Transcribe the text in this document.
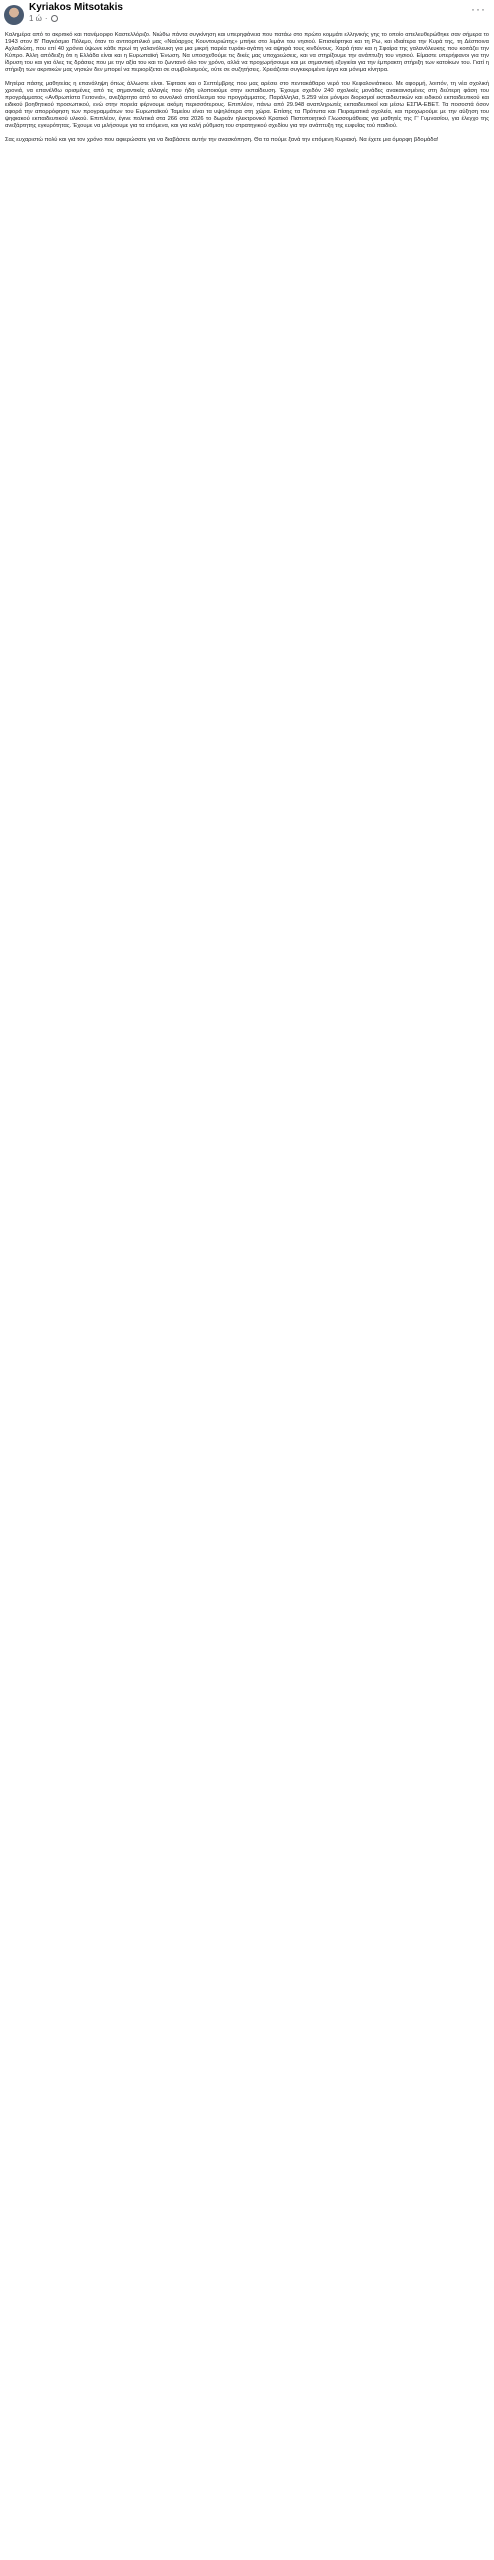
Kyriakos Mitsotakis
1 ώ ·
···

Καλημέρα από το ακριτικό και πανέμορφο Καστελλόριζο. Νιώθω πάντα συγκίνηση και υπερηφάνεια που πατάω στο πρώτο κομμάτι ελληνικής γης το οποίο απελευθερώθηκε σαν σήμερα το 1943 στον Β' Παγκόσμιο Πόλεμο, όταν το αντιτορπιλικό μας «Ναύαρχος Κουντουριώτης» μπήκε στο λιμάνι του νησιού. Επισκέφτηκα και τη Ρω, και ιδιαίτερα την Κυρά της, τη Δέσποινα Αχλαδιώτη, που επί 40 χρόνια ύψωνε κάθε πρωί τη γαλανόλευκη για μια μικρή παρέα τυράκι-αγάπη να αψηφά τους κινδύνους. Χαρά ήταν και η Σφαίρα της γαλανόλευκης που κοιτάζει την Κύπρο. Άλλη απόδειξη ότι η Ελλάδα είναι και η Ευρωπαϊκή Ένωση. Να υποσχεθούμε τις δικές μας υποχρεώσεις, και να στηρίξουμε την ανάπτυξη του νησιού. Είμαστε υπερήφανοι για την ίδρυση του και για όλες τις δράσεις που με την αξία του και το ζωντανό όλο τον χρόνο, αλλά να προχωρήσουμε και με σημαντική εξυγιείαι για την έμπρακτη στήριξη των κατοίκων του. Γιατί η στήριξη των ακριτικών μας νησιών δεν μπορεί να περιορίζεται σε συμβολισμούς, ούτε σε συζητήσεις. Χρειάζεται συγκεκριμένα έργα και μόνιμα κίνητρα.

Μητέρα πάσης μαθητείας η επανάληψη όπως άλλωστε είναι. Έφτασε και ο Σεπτέμβρης που μας αρέσει στο πεντακάθαρο νερό του Κεφαλονιάτικου. Με αφορμή, λοιπόν, τη νέα σχολική χρονιά, να επανέλθω ορισμένες από τις σημαντικές αλλαγές που ήδη υλοποιούμε στην εκπαίδευση. Έχουμε σχεδόν 240 σχολικές μονάδες ανακαινισμένες στη δεύτερη φάση του προγράμματος «Ανθρωπίστα Γειτονιά», ανεξάρτητο από το συνολικό αποτέλεσμα του προγράμματος. Παράλληλα, 5.259 νέοι μόνιμοι διορισμοί εκπαιδευτικών και ειδικού εκπαιδευτικού και ειδικού βοηθητικού προσωπικού, ενώ στην πορεία φέρνουμε ακόμη περισσότερους. Επιπλέον, πάνω από 29.948 αναπληρωτές εκπαιδευτικοί και μέσω ΕΣΠΑ-ΕΒΕΤ. Τα ποσοστά όσον αφορά την απορρόφηση των προγραμμάτων του Ευρωπαϊκού Ταμείου είναι τα υψηλότερα στη χώρα. Επίσης τα Πρότυπα και Πειραματικά σχολεία, και προχωρούμε με την αύξηση του ψηφιακού εκπαιδευτικού υλικού. Επιπλέον, έγινε πολιτικά στα 266 στα 2026 το δωρεάν ηλεκτρονικό Κρατικό Πιστοποιητικό Γλωσσομάθειας για μαθητές της Γ' Γυμνασίου, για έλεγχο της ανεξάρτητης εγκυρότητας. Έχουμε να μιλήσουμε για τα επόμενα, και για καλή ρύθμιση του στρατηγικού σχεδίου για την ανάπτυξη της ευφυΐας τού παιδιού.

Σας ευχαριστώ πολύ και για τον χρόνο που αφιερώσατε για να διαβάσετε αυτήν την ανασκόπηση. Θα τα πούμε ξανά την επόμενη Κυριακή. Να έχετε μια όμορφη βδομάδα!
